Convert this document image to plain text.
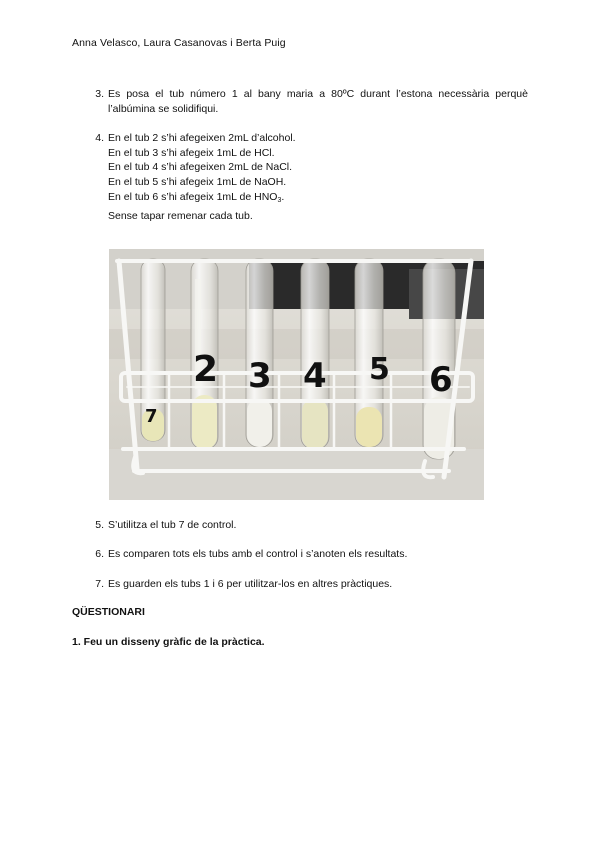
Anna Velasco, Laura Casanovas i Berta Puig
3. Es posa el tub número 1 al bany maria a 80ºC durant l’estona necessària perquè l’albúmina se solidifiqui.
4. En el tub 2 s’hi afegeixen 2mL d’alcohol.
En el tub 3 s’hi afegeix 1mL de HCl.
En el tub 4 s’hi afegeixen 2mL de NaCl.
En el tub 5 s’hi afegeix 1mL de NaOH.
En el tub 6 s’hi afegeix 1mL de $HNO_3$.
Sense tapar remenar cada tub.
7
2 3 4 5 6
5. S’utilitza el tub 7 de control.
6. Es comparen tots els tubs amb el control i s’anoten els resultats.
7. Es guarden els tubs 1 i 6 per utilitzar-los en altres pràctiques.
QÜESTIONARI
1. Feu un disseny gràfic de la pràctica.
